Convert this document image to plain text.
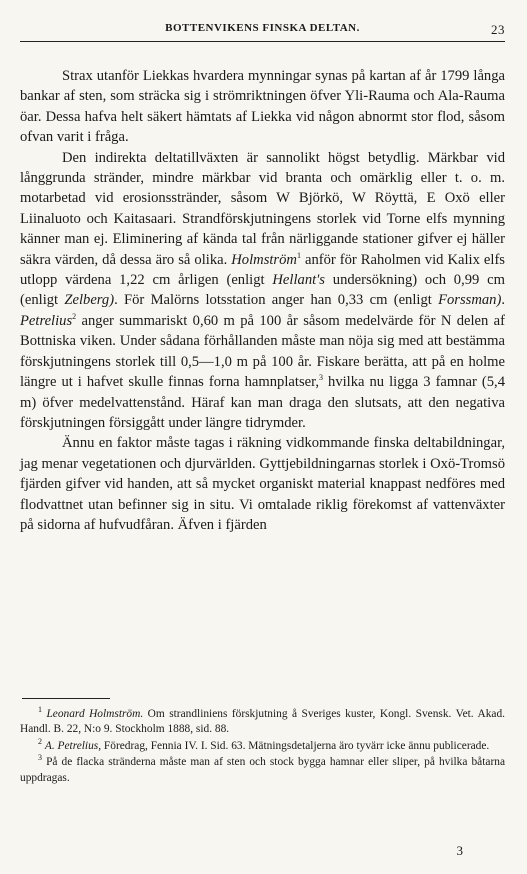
BOTTENVIKENS FINSKA DELTAN.	23

Strax utanför Liekkas hvardera mynningar synas på kartan af år 1799 långa bankar af sten, som sträcka sig i strömriktningen öfver Yli-Rauma och Ala-Rauma öar. Dessa hafva helt säkert hämtats af Liekka vid någon abnormt stor flod, såsom ofvan varit i fråga.

Den indirekta deltatillväxten är sannolikt högst betydlig. Märkbar vid långgrunda stränder, mindre märkbar vid branta och omärklig eller t. o. m. motarbetad vid erosionsstränder, såsom W Björkö, W Röyttä, E Oxö eller Liinaluoto och Kaitasaari. Strandförskjutningens storlek vid Torne elfs mynning känner man ej. Eliminering af kända tal från närliggande stationer gifver ej häller säkra värden, då dessa äro så olika. Holmström$^1$ anför för Raholmen vid Kalix elfs utlopp värdena 1,22 cm årligen (enligt Hellant's undersökning) och 0,99 cm (enligt Zelberg). För Malörns lotsstation anger han 0,33 cm (enligt Forssman). Petrelius$^2$ anger summariskt 0,60 m på 100 år såsom medelvärde för N delen af Bottniska viken. Under sådana förhållanden måste man nöja sig med att bestämma förskjutningens storlek till 0,5—1,0 m på 100 år. Fiskare berätta, att på en holme längre ut i hafvet skulle finnas forna hamnplatser,$^3$ hvilka nu ligga 3 famnar (5,4 m) öfver medelvattenstånd. Häraf kan man draga den slutsats, att den negativa förskjutningen försiggått under längre tidrymder.

Ännu en faktor måste tagas i räkning vidkommande finska deltabildningar, jag menar vegetationen och djurvärlden. Gyttjebildningarnas storlek i Oxö-Tromsö fjärden gifver vid handen, att så mycket organiskt material knappast nedföres med flodvattnet utan befinner sig in situ. Vi omtalade riklig förekomst af vattenväxter på sidorna af hufvudfåran. Äfven i fjärden

$^1$ Leonard Holmström. Om strandliniens förskjutning å Sveriges kuster, Kongl. Svensk. Vet. Akad. Handl. B. 22, N:o 9. Stockholm 1888, sid. 88.

$^2$ A. Petrelius, Föredrag, Fennia IV. I. Sid. 63. Mätningsdetaljerna äro tyvärr icke ännu publicerade.

$^3$ På de flacka stränderna måste man af sten och stock bygga hamnar eller sliper, på hvilka båtarna uppdragas.

3
